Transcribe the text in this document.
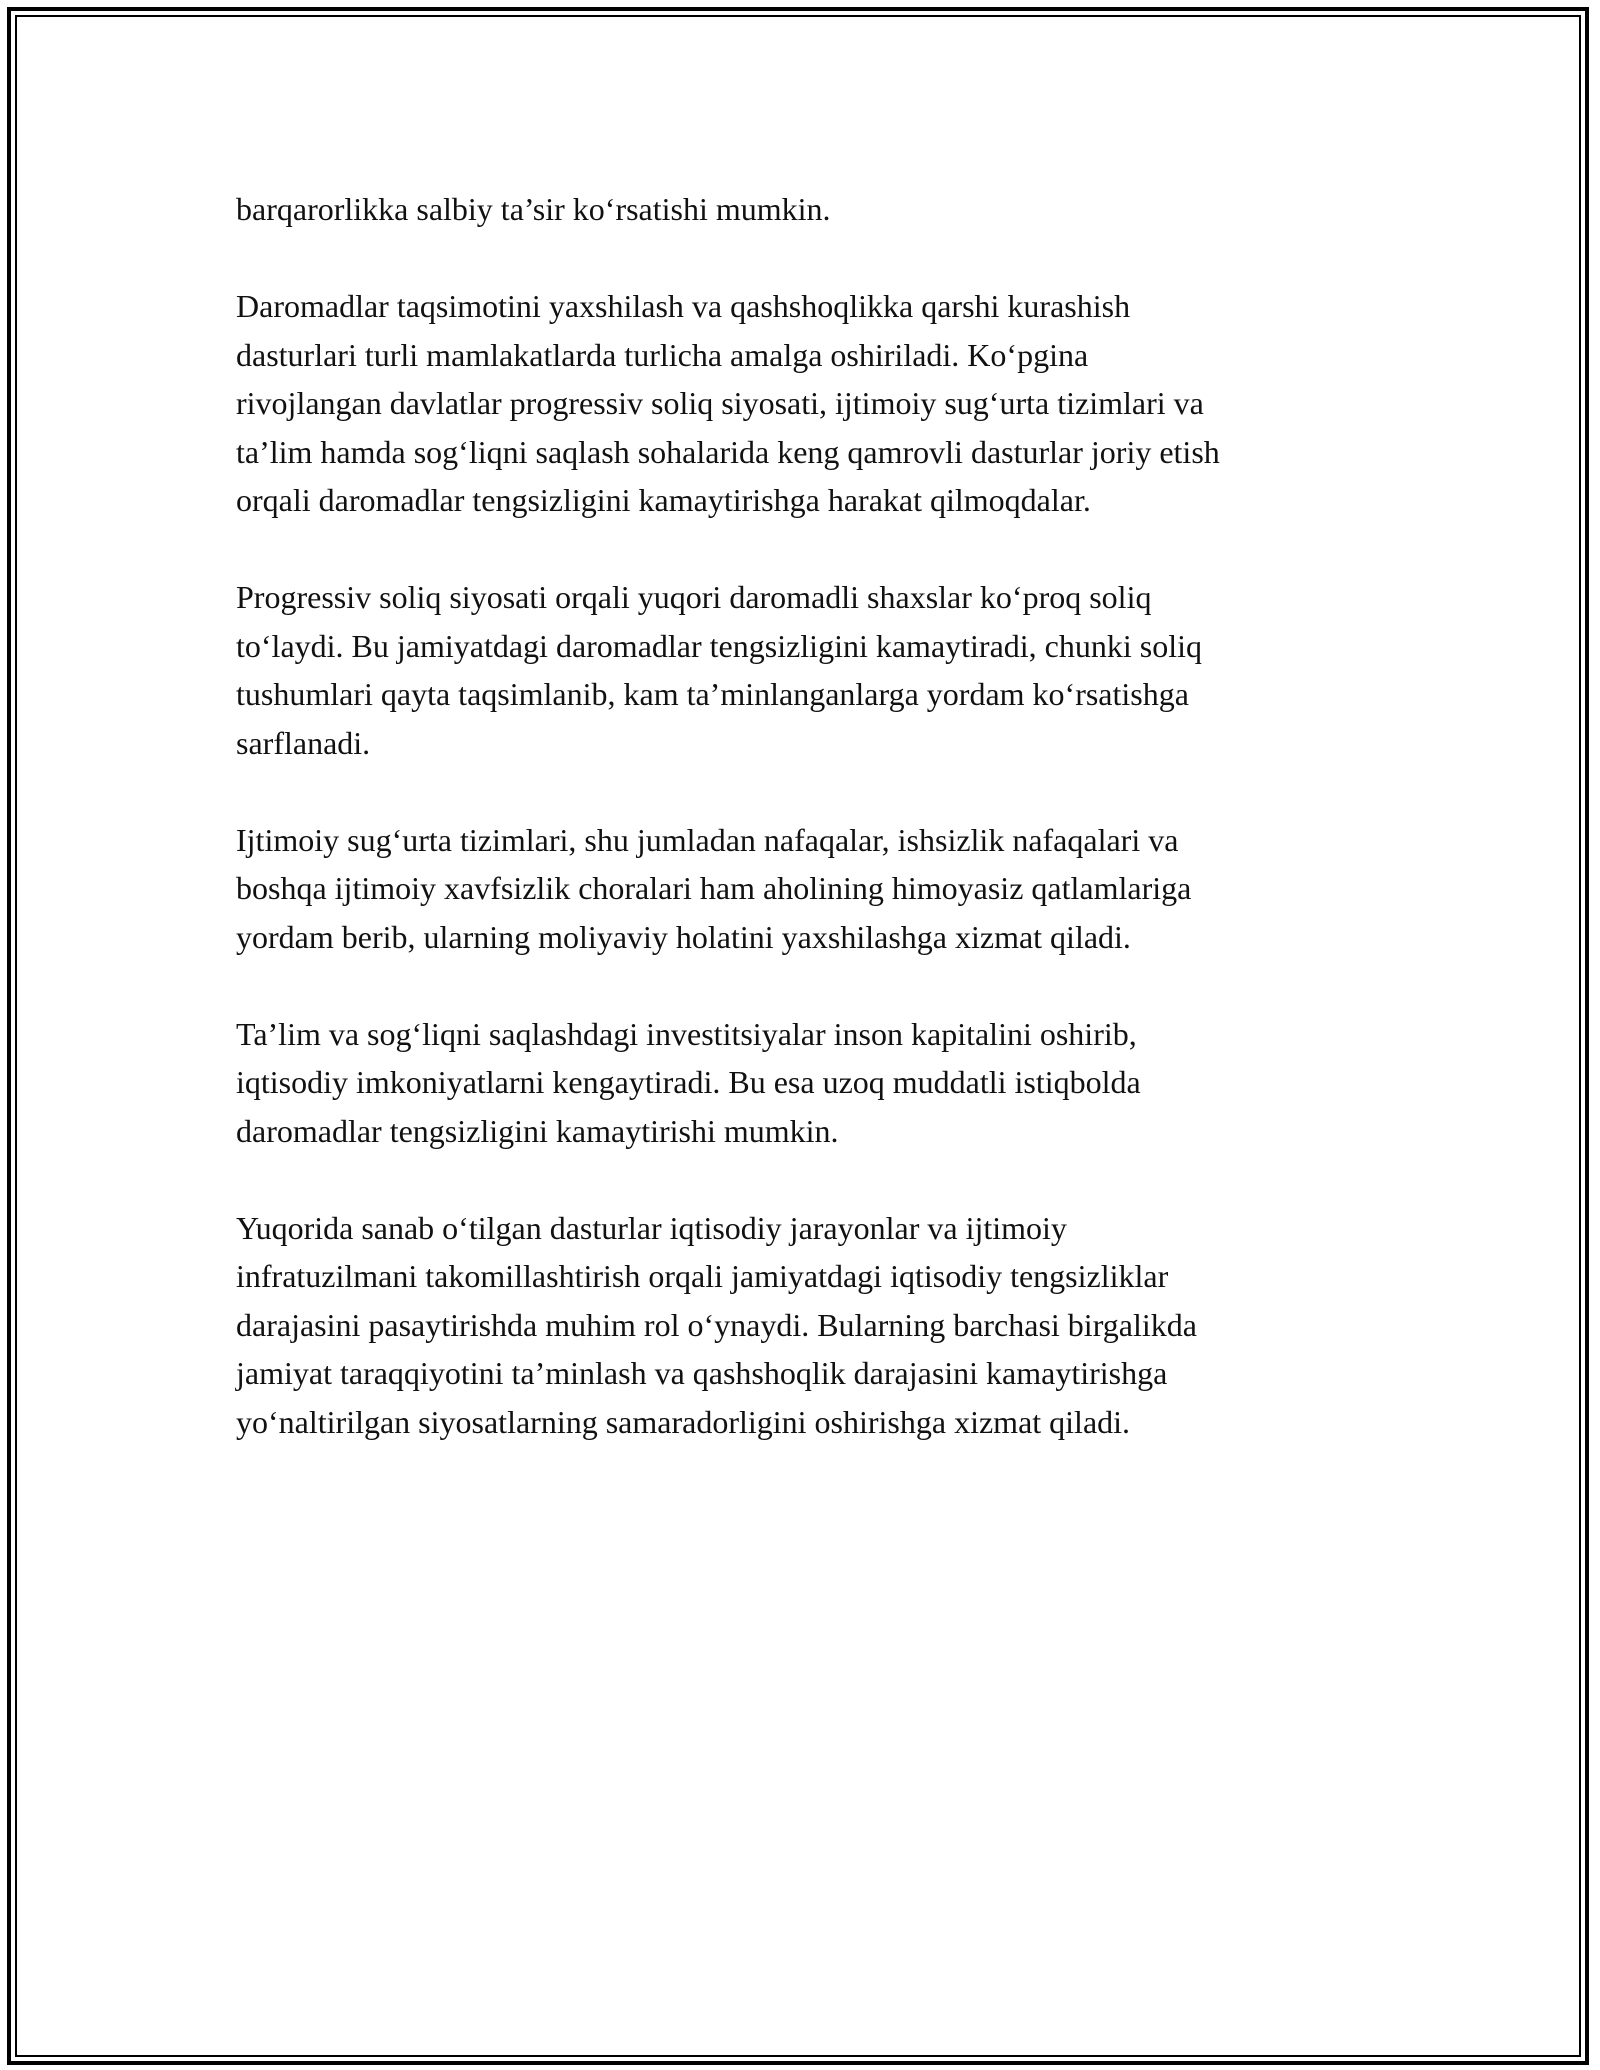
barqarorlikka salbiy ta’sir ko‘rsatishi mumkin.

Daromadlar taqsimotini yaxshilash va qashshoqlikka qarshi kurashish
dasturlari turli mamlakatlarda turlicha amalga oshiriladi. Ko‘pgina
rivojlangan davlatlar progressiv soliq siyosati, ijtimoiy sug‘urta tizimlari va
ta’lim hamda sog‘liqni saqlash sohalarida keng qamrovli dasturlar joriy etish
orqali daromadlar tengsizligini kamaytirishga harakat qilmoqdalar.

Progressiv soliq siyosati orqali yuqori daromadli shaxslar ko‘proq soliq
to‘laydi. Bu jamiyatdagi daromadlar tengsizligini kamaytiradi, chunki soliq
tushumlari qayta taqsimlanib, kam ta’minlanganlarga yordam ko‘rsatishga
sarflanadi.

Ijtimoiy sug‘urta tizimlari, shu jumladan nafaqalar, ishsizlik nafaqalari va
boshqa ijtimoiy xavfsizlik choralari ham aholining himoyasiz qatlamlariga
yordam berib, ularning moliyaviy holatini yaxshilashga xizmat qiladi.

Ta’lim va sog‘liqni saqlashdagi investitsiyalar inson kapitalini oshirib,
iqtisodiy imkoniyatlarni kengaytiradi. Bu esa uzoq muddatli istiqbolda
daromadlar tengsizligini kamaytirishi mumkin.

Yuqorida sanab o‘tilgan dasturlar iqtisodiy jarayonlar va ijtimoiy
infratuzilmani takomillashtirish orqali jamiyatdagi iqtisodiy tengsizliklar
darajasini pasaytirishda muhim rol o‘ynaydi. Bularning barchasi birgalikda
jamiyat taraqqiyotini ta’minlash va qashshoqlik darajasini kamaytirishga
yo‘naltirilgan siyosatlarning samaradorligini oshirishga xizmat qiladi.
